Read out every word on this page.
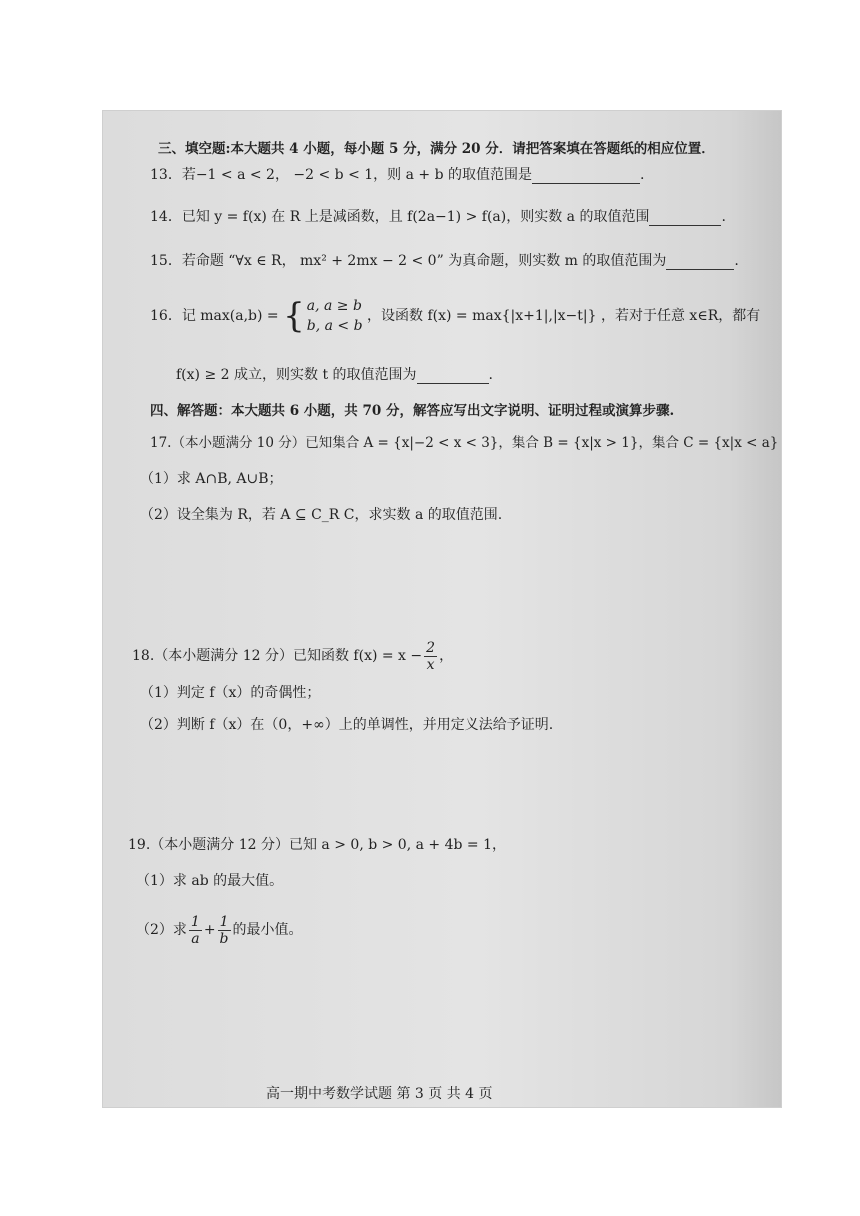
三、填空题:本大题共 4 小题，每小题 5 分，满分 20 分．请把答案填在答题纸的相应位置．
13．若−1 < a < 2， −2 < b < 1，则 a + b 的取值范围是	.
14．已知 y = f(x) 在 R 上是减函数，且 f(2a−1) > f(a)，则实数 a 的取值范围	.
15．若命题 “∀x ∈ R， mx² + 2mx − 2 < 0” 为真命题，则实数 m 的取值范围为	.
16．记 max(a,b) = { a, a ≥ b
b, a < b
，设函数 f(x) = max{|x+1|,|x−t|} ，若对于任意 x∈R，都有
f(x) ≥ 2 成立，则实数 t 的取值范围为	.
四、解答题：本大题共 6 小题，共 70 分，解答应写出文字说明、证明过程或演算步骤.
17.（本小题满分 10 分）已知集合 A = {x|−2 < x < 3}，集合 B = {x|x > 1}，集合 C = {x|x < a}
（1）求 A∩B, A∪B；
（2）设全集为 R，若 A ⊆ C_R C，求实数 a 的取值范围.
18.（本小题满分 12 分）已知函数 $f(x) = x - \frac{2}{x}$ ，
（1）判定 f（x）的奇偶性；
（2）判断 f（x）在（0，+∞）上的单调性，并用定义法给予证明.
19.（本小题满分 12 分）已知 a > 0, b > 0, a + 4b = 1，
（1）求 ab 的最大值。
（2）求 $\frac{1}{a} + \frac{1}{b}$ 的最小值。
高一期中考数学试题 第 3 页 共 4 页
